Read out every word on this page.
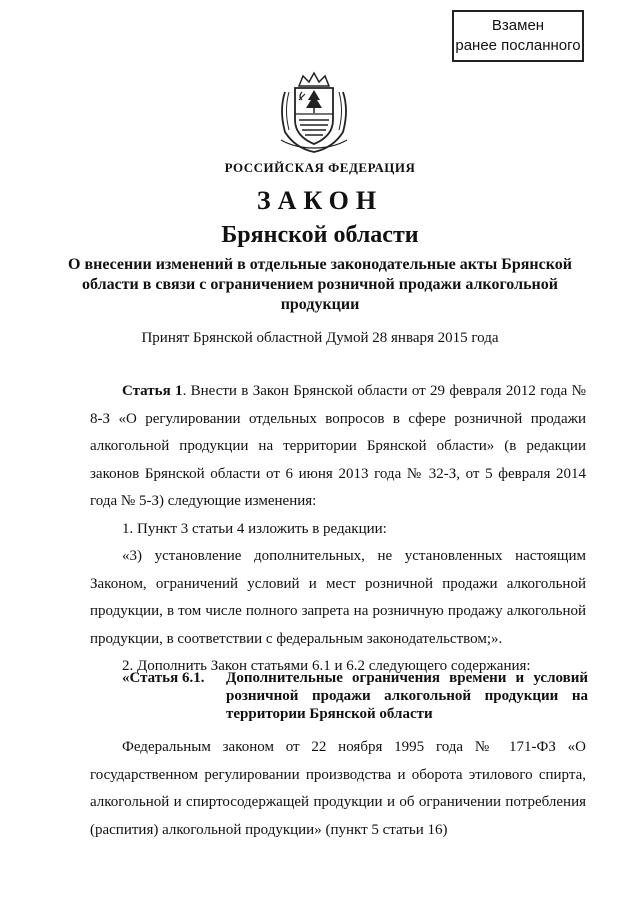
Взамен
ранее посланного
РОССИЙСКАЯ ФЕДЕРАЦИЯ
ЗАКОН
Брянской области
О внесении изменений в отдельные законодательные акты Брянской области в связи с ограничением розничной продажи алкогольной продукции
Принят Брянской областной Думой 28 января 2015 года

Статья 1. Внести в Закон Брянской области от 29 февраля 2012 года № 8-З «О регулировании отдельных вопросов в сфере розничной продажи алкогольной продукции на территории Брянской области» (в редакции законов Брянской области от 6 июня 2013 года № 32-З, от 5 февраля 2014 года № 5-З) следующие изменения:

1. Пункт 3 статьи 4 изложить в редакции:

«3) установление дополнительных, не установленных настоящим Законом, ограничений условий и мест розничной продажи алкогольной продукции, в том числе полного запрета на розничную продажу алкогольной продукции, в соответствии с федеральным законодательством;».

2. Дополнить Закон статьями 6.1 и 6.2 следующего содержания:

«Статья 6.1. Дополнительные ограничения времени и условий розничной продажи алкогольной продукции на территории Брянской области

Федеральным законом от 22 ноября 1995 года № 171-ФЗ «О государственном регулировании производства и оборота этилового спирта, алкогольной и спиртосодержащей продукции и об ограничении потребления (распития) алкогольной продукции» (пункт 5 статьи 16)
